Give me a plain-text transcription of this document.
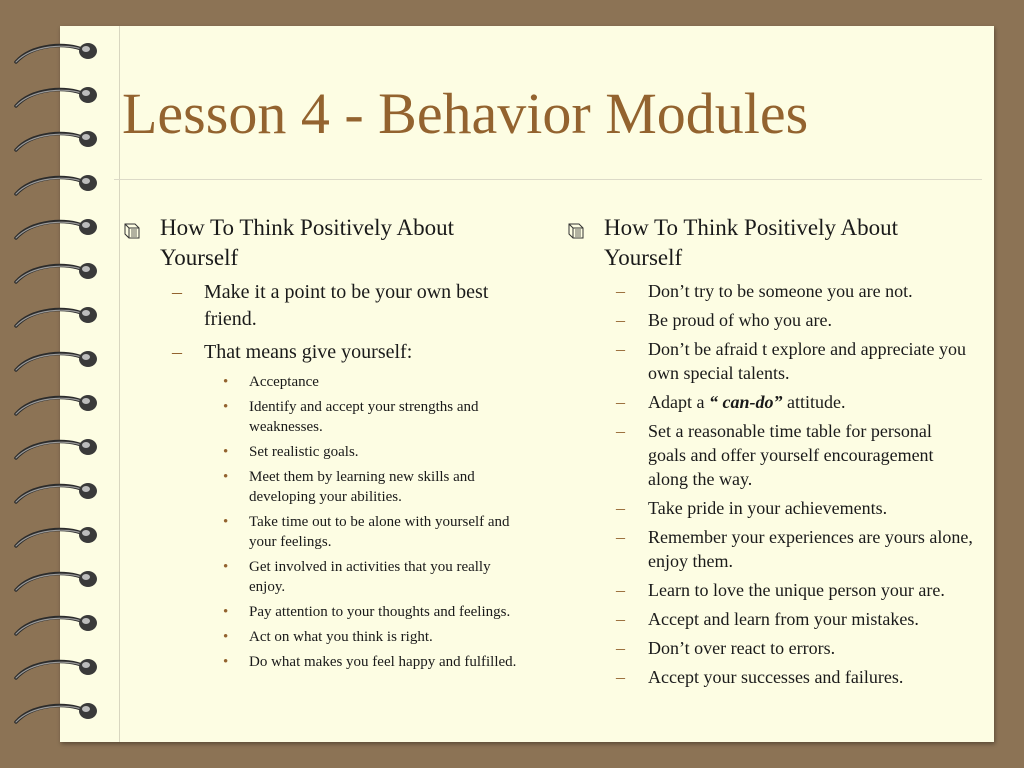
Lesson 4 - Behavior Modules
How To Think Positively About Yourself
– Make it a point to be your own best friend.
– That means give yourself:
• Acceptance
• Identify and accept your strengths and weaknesses.
• Set realistic goals.
• Meet them by learning new skills and developing your abilities.
• Take time out to be alone with yourself and your feelings.
• Get involved in activities that you really enjoy.
• Pay attention to your thoughts and feelings.
• Act on what you think is right.
• Do what makes you feel happy and fulfilled.
How To Think Positively About Yourself
– Don’t try to be someone you are not.
– Be proud of who you are.
– Don’t be afraid t explore and appreciate you own special talents.
– Adapt a “ can-do” attitude.
– Set a reasonable time table for personal goals and offer yourself encouragement along the way.
– Take pride in your achievements.
– Remember your experiences are yours alone, enjoy them.
– Learn to love the unique person your are.
– Accept and learn from your mistakes.
– Don’t over react to errors.
– Accept your successes and failures.
